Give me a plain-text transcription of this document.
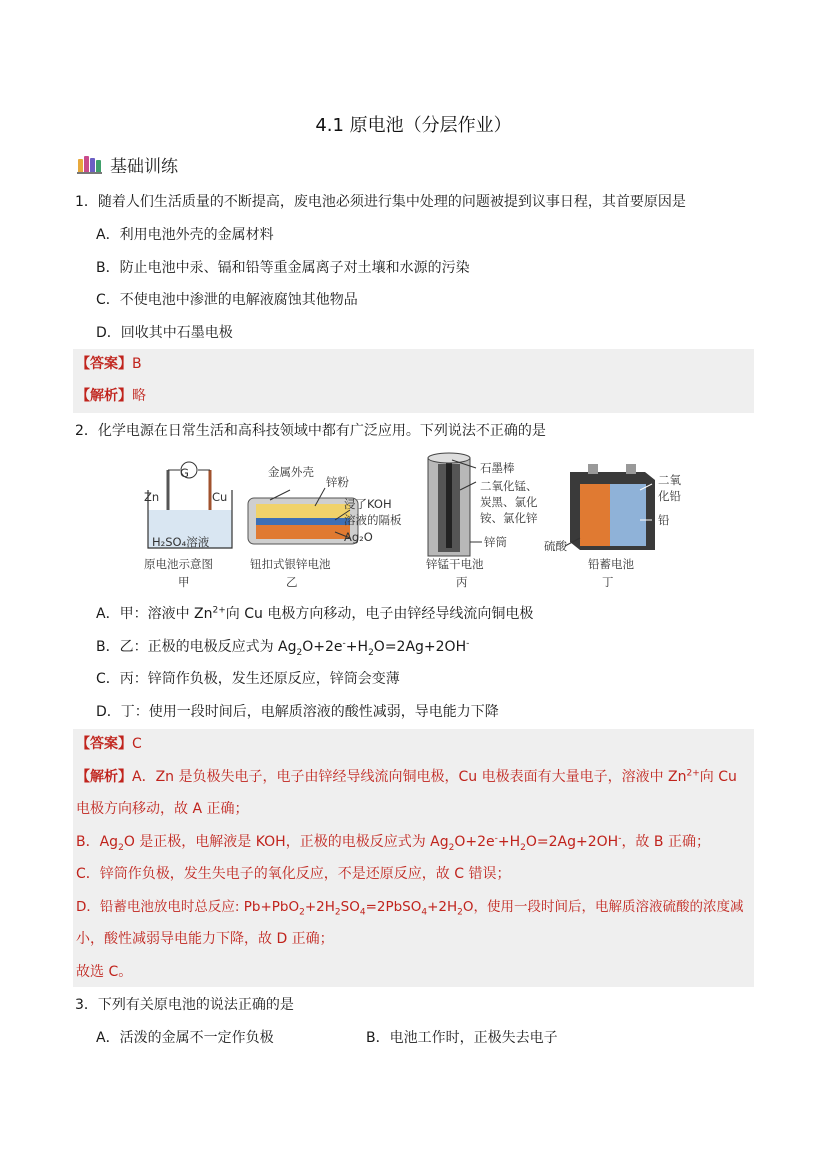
4.1 原电池（分层作业）
基础训练
1．随着人们生活质量的不断提高，废电池必须进行集中处理的问题被提到议事日程，其首要原因是
A．利用电池外壳的金属材料
B．防止电池中汞、镉和铅等重金属离子对土壤和水源的污染
C．不使电池中渗泄的电解液腐蚀其他物品
D．回收其中石墨电极
【答案】B
【解析】略
2．化学电源在日常生活和高科技领域中都有广泛应用。下列说法不正确的是
G
Zn	Cu
H₂SO₄溶液
原电池示意图
甲
金属外壳
锌粉
浸了KOH
溶液的隔板
Ag₂O
钮扣式银锌电池
乙
石墨棒
二氧化锰、
炭黑、氯化
铵、氯化锌
锌筒
锌锰干电池
丙
二氧
化铅
铅
硫酸
铅蓄电池
丁
A．甲：溶液中 $Zn^{2+}$向 Cu 电极方向移动，电子由锌经导线流向铜电极
B．乙：正极的电极反应式为 $Ag_2O+2e^-+H_2O=2Ag+2OH^-$
C．丙：锌筒作负极，发生还原反应，锌筒会变薄
D．丁：使用一段时间后，电解质溶液的酸性减弱，导电能力下降
【答案】C
【解析】A．Zn 是负极失电子，电子由锌经导线流向铜电极，Cu 电极表面有大量电子，溶液中 $Zn^{2+}$向 Cu
电极方向移动，故 A 正确；
B．$Ag_2O$ 是正极，电解液是 KOH，正极的电极反应式为 $Ag_2O+2e^-+H_2O=2Ag+2OH^-$，故 B 正确；
C．锌筒作负极，发生失电子的氧化反应，不是还原反应，故 C 错误；
D．铅蓄电池放电时总反应: $Pb+PbO_2+2H_2SO_4=2PbSO_4+2H_2O$，使用一段时间后，电解质溶液硫酸的浓度减
小，酸性减弱导电能力下降，故 D 正确；
故选 C。
3．下列有关原电池的说法正确的是
A．活泼的金属不一定作负极	B．电池工作时，正极失去电子
